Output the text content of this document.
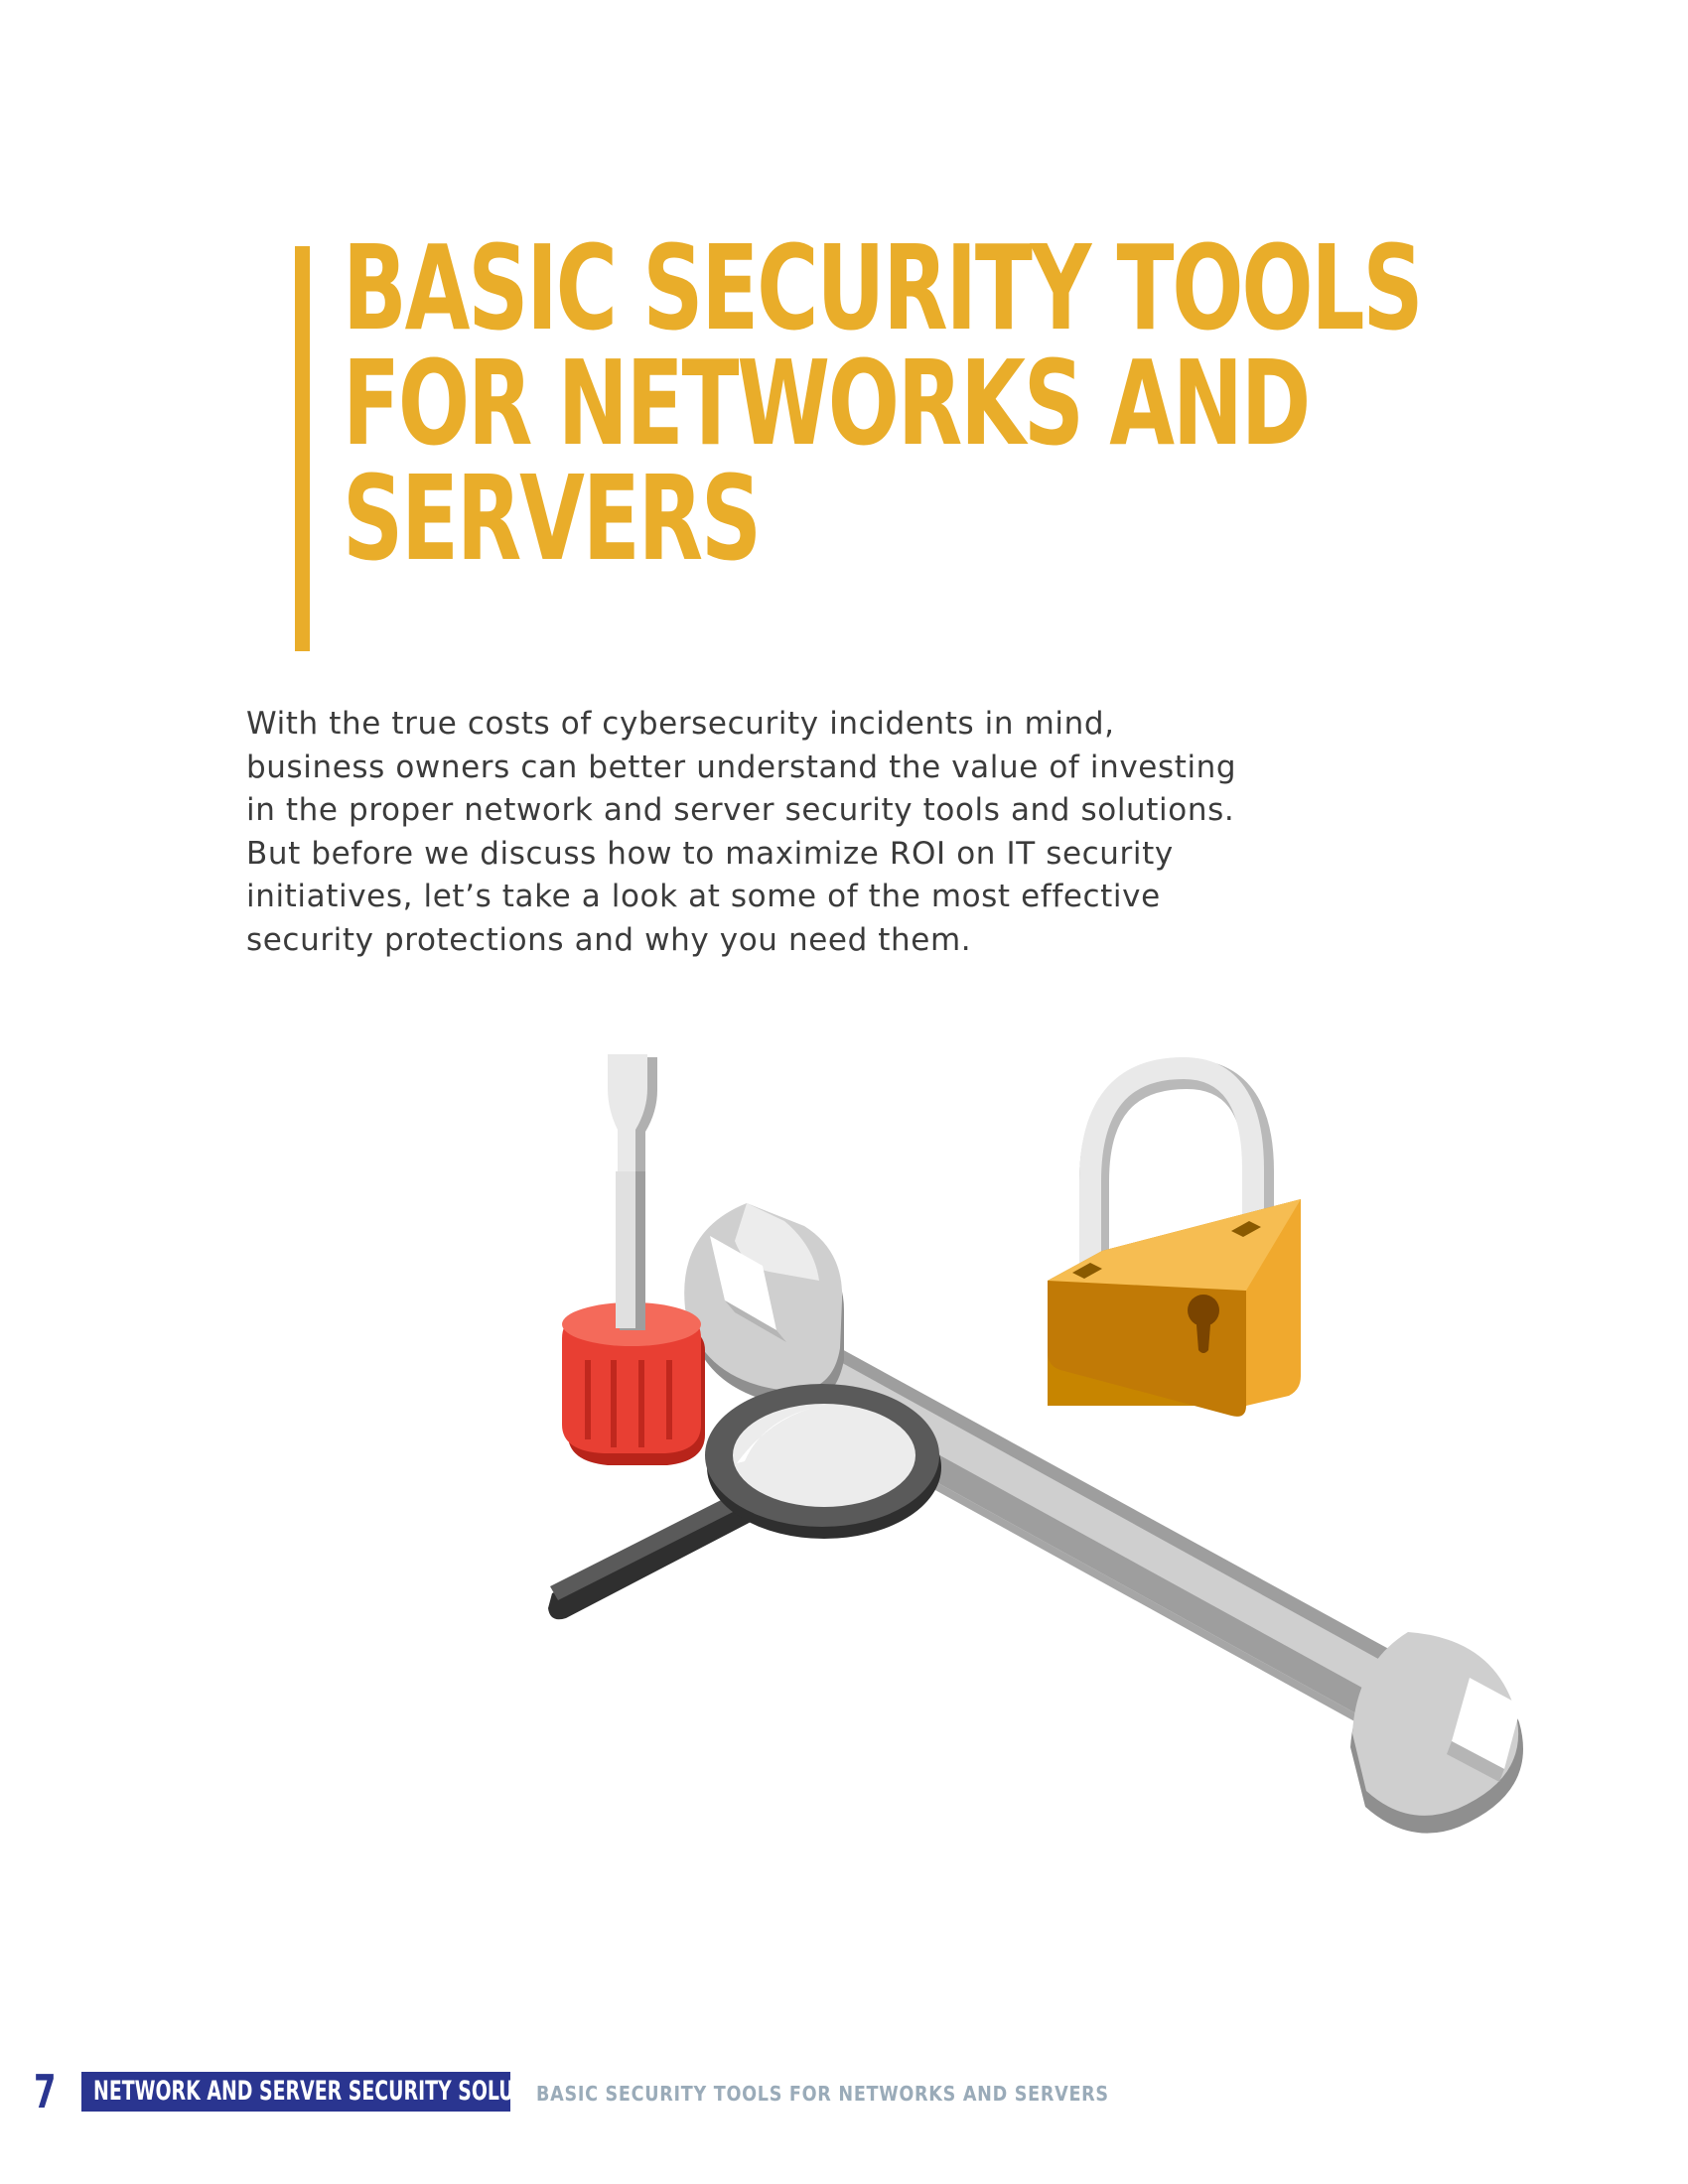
BASIC SECURITY TOOLS
FOR NETWORKS AND
SERVERS

With the true costs of cybersecurity incidents in mind,
business owners can better understand the value of investing
in the proper network and server security tools and solutions.
But before we discuss how to maximize ROI on IT security
initiatives, let’s take a look at some of the most effective
security protections and why you need them.

7 NETWORK AND SERVER SECURITY SOLUTIONS
BASIC SECURITY TOOLS FOR NETWORKS AND SERVERS
